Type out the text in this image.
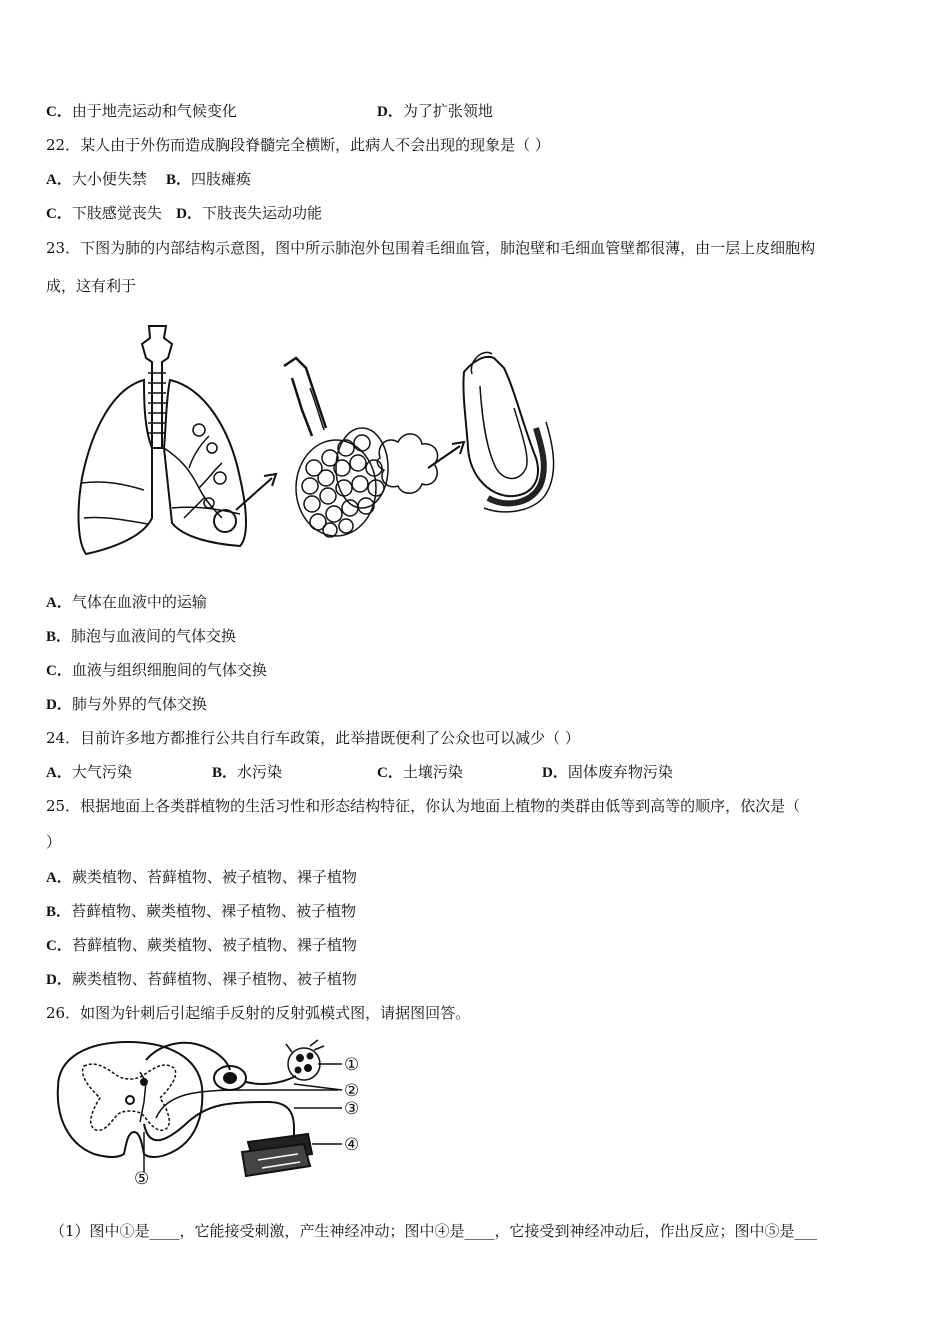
C．由于地壳运动和气候变化	D．为了扩张领地
22．某人由于外伤而造成胸段脊髓完全横断，此病人不会出现的现象是（ ）
A．大小便失禁 B．四肢瘫痪
C．下肢感觉丧失 D．下肢丧失运动功能
23．下图为肺的内部结构示意图，图中所示肺泡外包围着毛细血管，肺泡壁和毛细血管壁都很薄，由一层上皮细胞构
成，这有利于
A．气体在血液中的运输
B．肺泡与血液间的气体交换
C．血液与组织细胞间的气体交换
D．肺与外界的气体交换
24．目前许多地方都推行公共自行车政策，此举措既便利了公众也可以减少（ ）
A．大气污染	B．水污染	C．土壤污染	D．固体废弃物污染
25．根据地面上各类群植物的生活习性和形态结构特征，你认为地面上植物的类群由低等到高等的顺序，依次是（
）
A．蕨类植物、苔藓植物、被子植物、裸子植物
B．苔藓植物、蕨类植物、裸子植物、被子植物
C．苔藓植物、蕨类植物、被子植物、裸子植物
D．蕨类植物、苔藓植物、裸子植物、被子植物
26．如图为针刺后引起缩手反射的反射弧模式图，请据图回答。
①
②
③
④
⑤
（1）图中①是____，它能接受刺激，产生神经冲动；图中④是____，它接受到神经冲动后，作出反应；图中⑤是___
